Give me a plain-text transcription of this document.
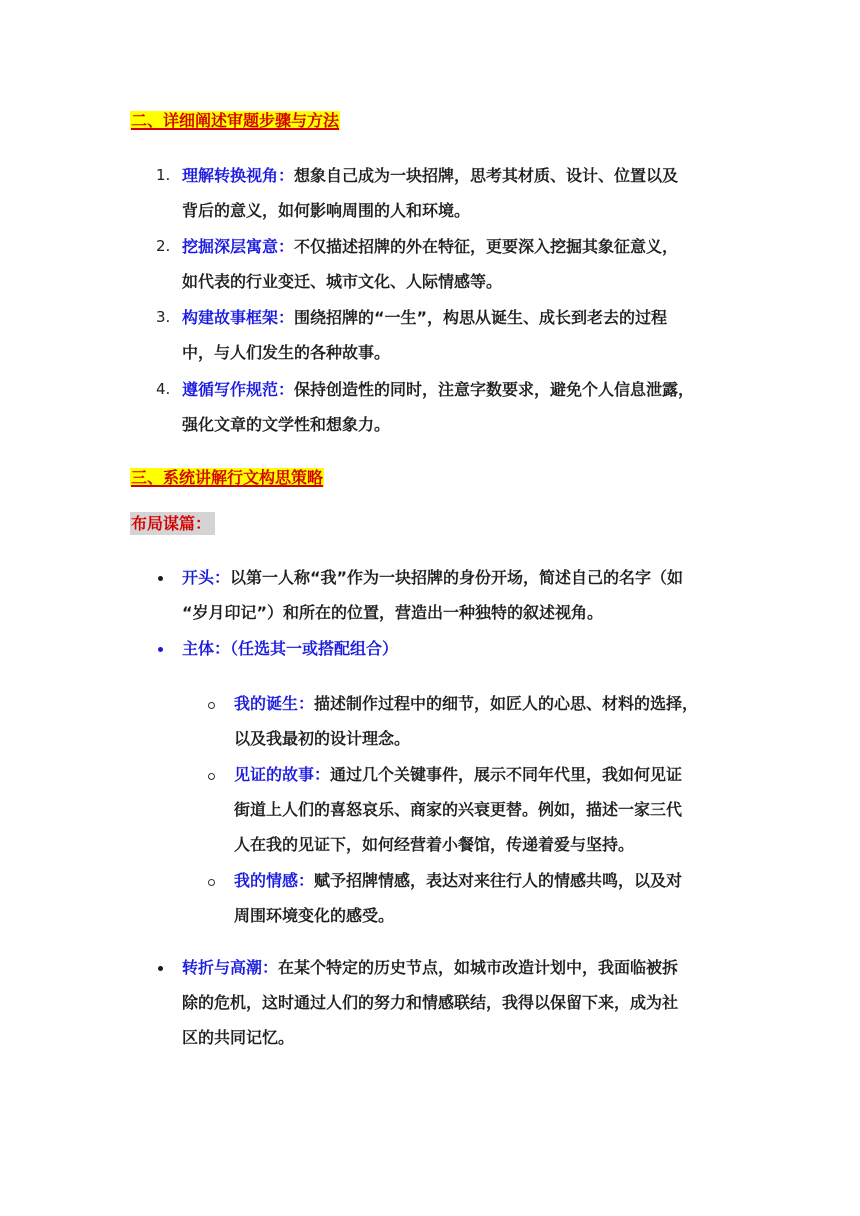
二、详细阐述审题步骤与方法
1. 理解转换视角：想象自己成为一块招牌，思考其材质、设计、位置以及
背后的意义，如何影响周围的人和环境。
2. 挖掘深层寓意：不仅描述招牌的外在特征，更要深入挖掘其象征意义，
如代表的行业变迁、城市文化、人际情感等。
3. 构建故事框架：围绕招牌的“一生”，构思从诞生、成长到老去的过程
中，与人们发生的各种故事。
4. 遵循写作规范：保持创造性的同时，注意字数要求，避免个人信息泄露，
强化文章的文学性和想象力。
三、系统讲解行文构思策略
布局谋篇：
开头：以第一人称“我”作为一块招牌的身份开场，简述自己的名字（如
“岁月印记”）和所在的位置，营造出一种独特的叙述视角。
主体：（任选其一或搭配组合）
我的诞生：描述制作过程中的细节，如匠人的心思、材料的选择，
以及我最初的设计理念。
见证的故事：通过几个关键事件，展示不同年代里，我如何见证
街道上人们的喜怒哀乐、商家的兴衰更替。例如，描述一家三代
人在我的见证下，如何经营着小餐馆，传递着爱与坚持。
我的情感：赋予招牌情感，表达对来往行人的情感共鸣，以及对
周围环境变化的感受。
转折与高潮：在某个特定的历史节点，如城市改造计划中，我面临被拆
除的危机，这时通过人们的努力和情感联结，我得以保留下来，成为社
区的共同记忆。
